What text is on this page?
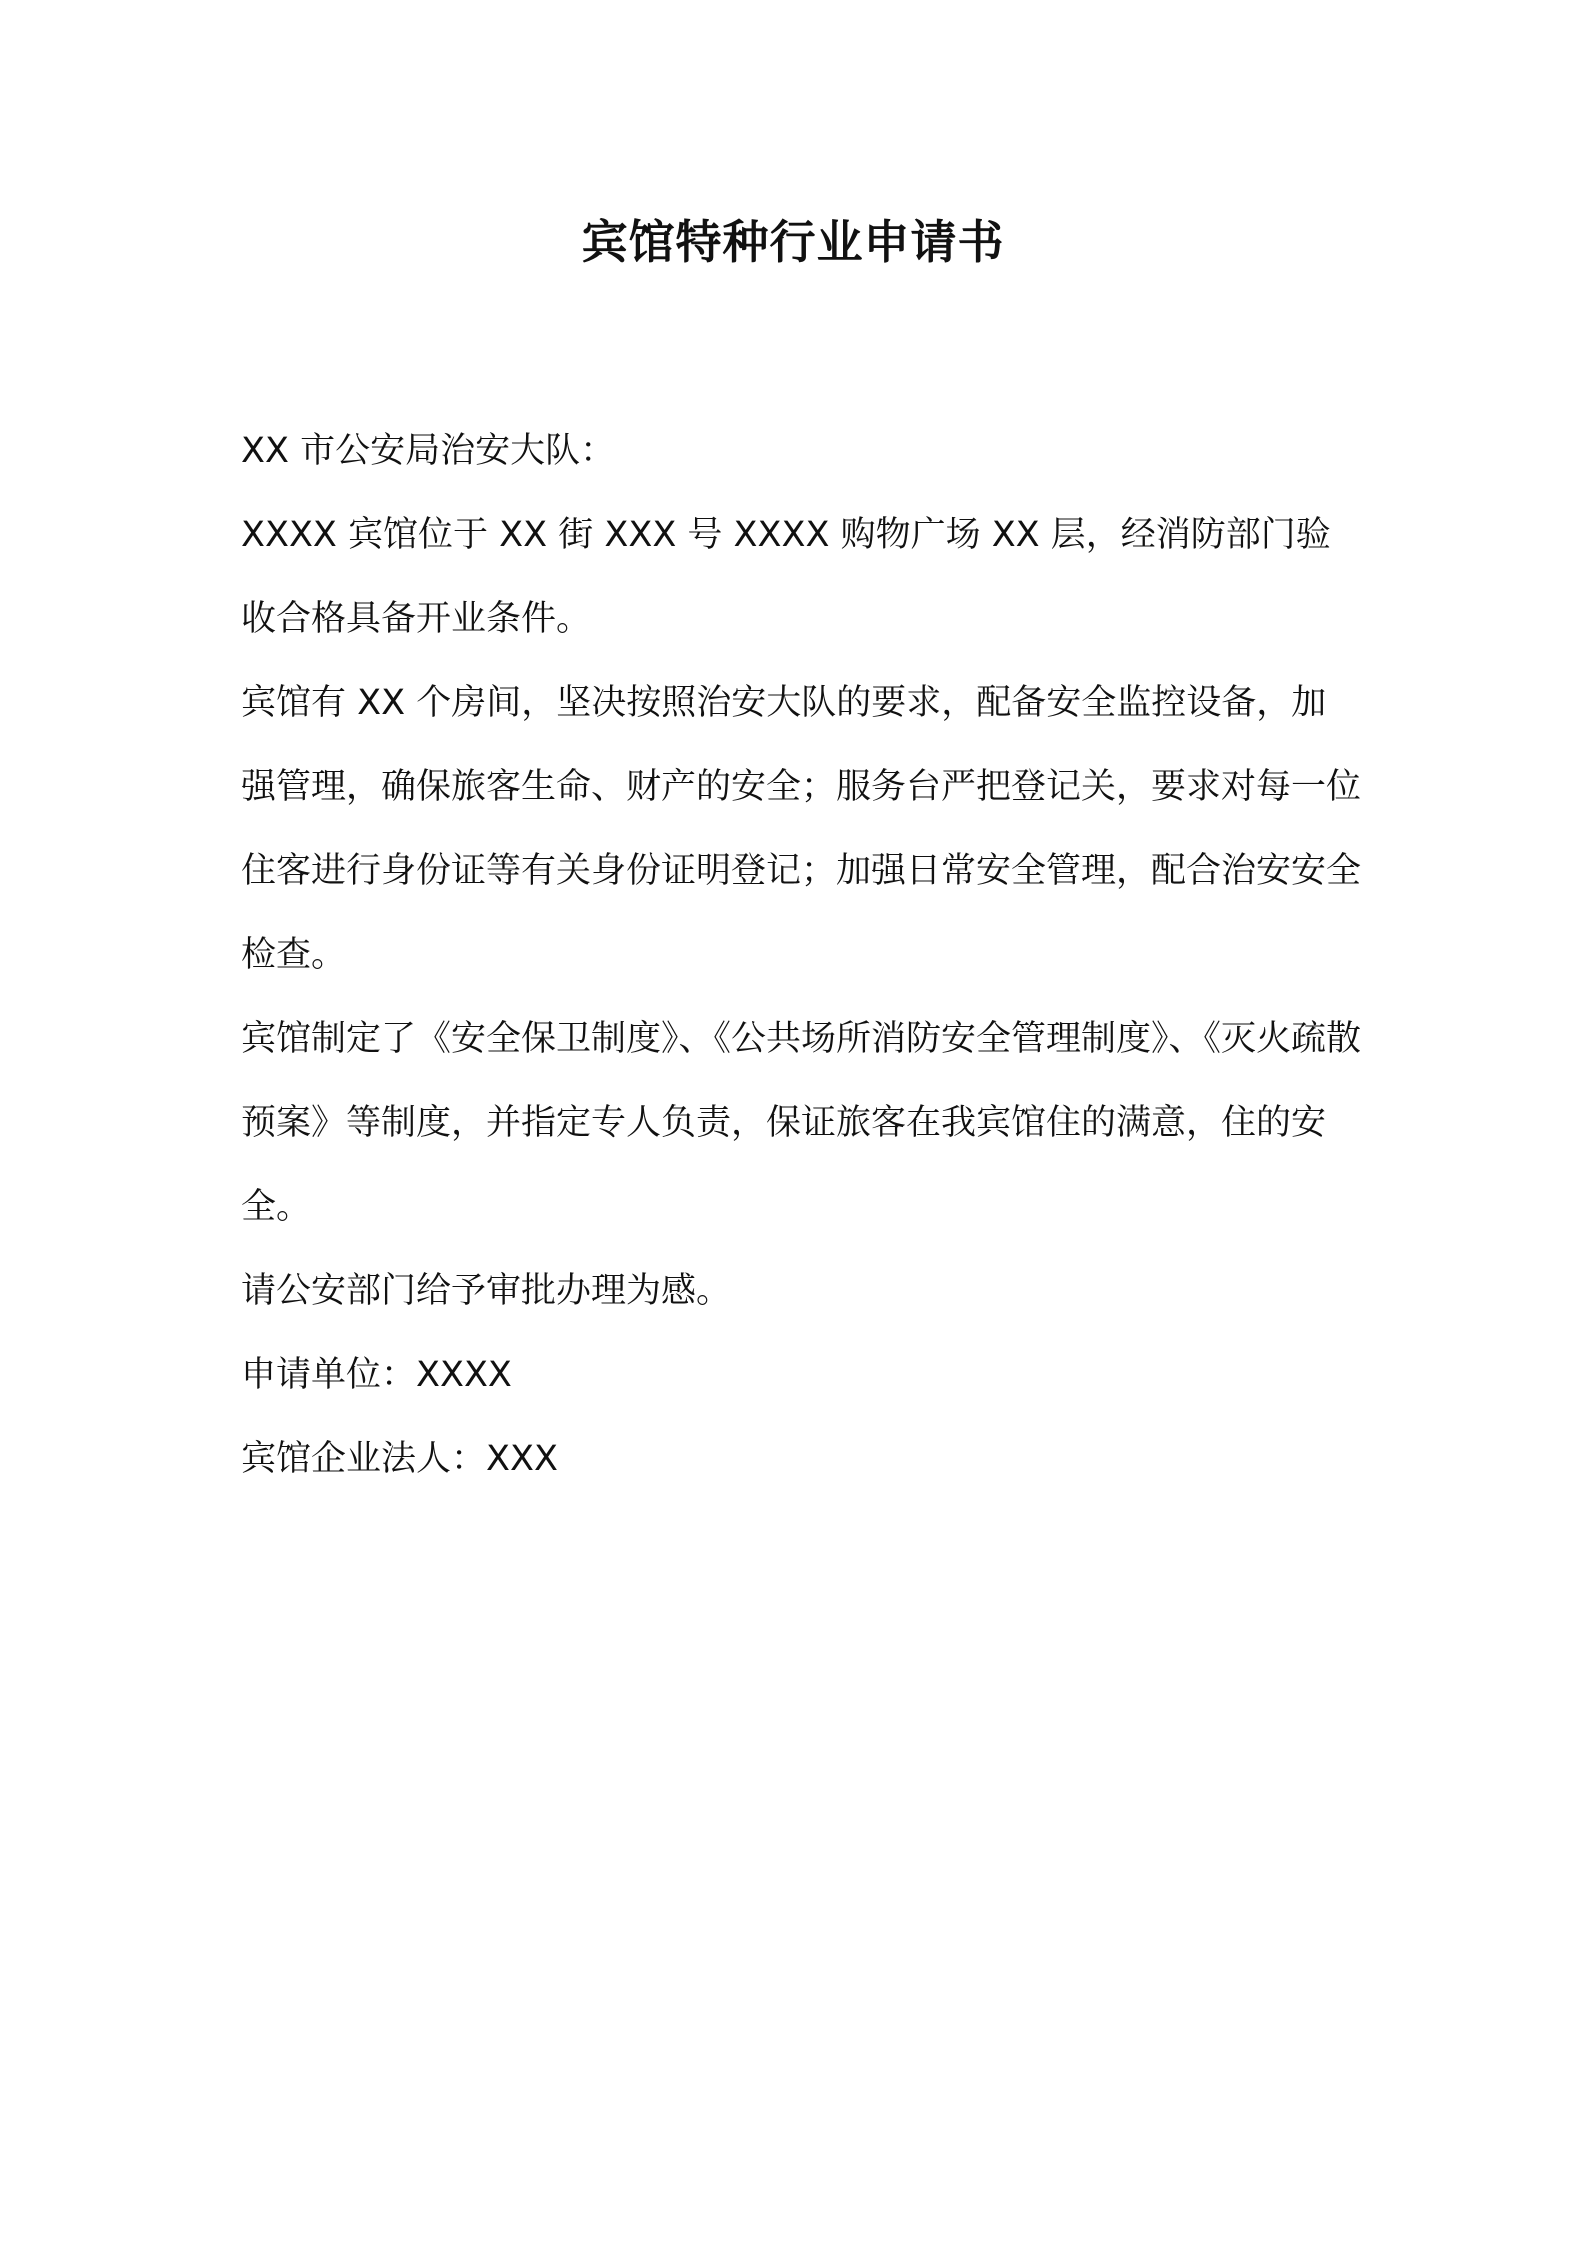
宾馆特种行业申请书

XX 市公安局治安大队：

XXXX 宾馆位于 XX 街 XXX 号 XXXX 购物广场 XX 层，经消防部门验收合格具备开业条件。

宾馆有 XX 个房间，坚决按照治安大队的要求，配备安全监控设备，加强管理，确保旅客生命、财产的安全；服务台严把登记关，要求对每一位住客进行身份证等有关身份证明登记；加强日常安全管理，配合治安安全检查。

宾馆制定了《安全保卫制度》、《公共场所消防安全管理制度》、《灭火疏散预案》等制度，并指定专人负责，保证旅客在我宾馆住的满意，住的安全。

请公安部门给予审批办理为感。

申请单位：XXXX

宾馆企业法人：XXX
